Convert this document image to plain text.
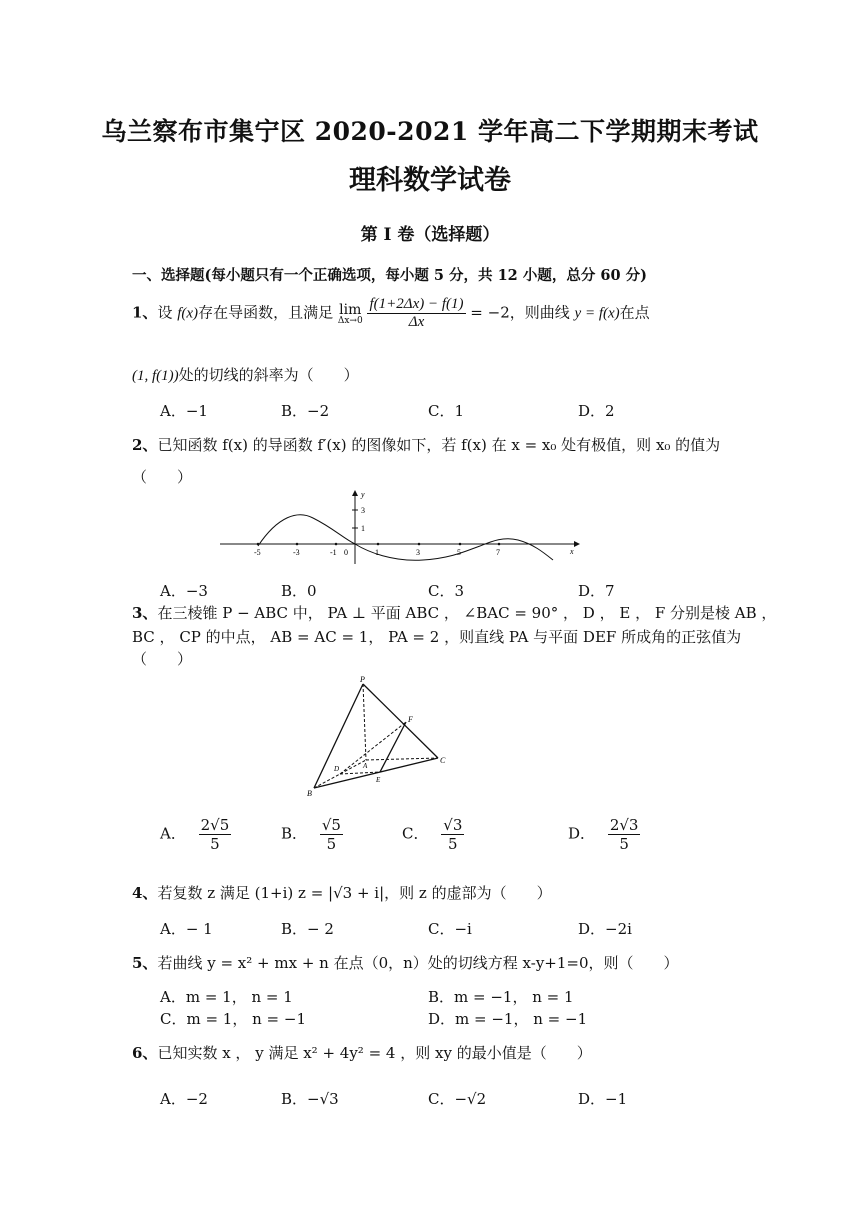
乌兰察布市集宁区 2020-2021 学年高二下学期期末考试
理科数学试卷
第 I 卷（选择题）
一、选择题(每小题只有一个正确选项，每小题 5 分，共 12 小题，总分 60 分)
1、设 f(x)存在导函数，且满足 lim
Δx→0
$\frac{f(1+2\Delta x) - f(1)}{\Delta x} = -2$，则曲线 y = f(x)在点
(1, f(1))处的切线的斜率为（　　）
A．−1	B．−2	C．1	D．2
2、已知函数 f(x) 的导函数 f′(x) 的图像如下，若 f(x) 在 x = x₀ 处有极值，则 x₀ 的值为
（　　）
-5	-3	-1 0	1	3	5	7
3
1
x
y
A．−3	B．0	C．3	D．7
3、在三棱锥 P − ABC 中， PA ⊥ 平面 ABC ， ∠BAC = 90° ， D ， E ， F 分别是棱 AB ，
BC ， CP 的中点， AB = AC = 1， PA = 2 ，则直线 PA 与平面 DEF 所成角的正弦值为
（　　）
P
F
A
D
C
E
B
A． $\frac{2√5}{5}$	B． $\frac{√5}{5}$	C． $\frac{√3}{5}$	D． $\frac{2√3}{5}$
4、若复数 z 满足 (1+i) z = |√3 + i|，则 z 的虚部为（　　）
A．− 1	B．− 2	C．−i	D．−2i
5、若曲线 y = x² + mx + n 在点（0，n）处的切线方程 x-y+1=0，则（　　）
A．m = 1， n = 1	B．m = −1， n = 1
C．m = 1， n = −1	D．m = −1， n = −1
6、已知实数 x ， y 满足 x² + 4y² = 4 ，则 xy 的最小值是（　　）
A．−2	B．−√3	C．−√2	D．−1
